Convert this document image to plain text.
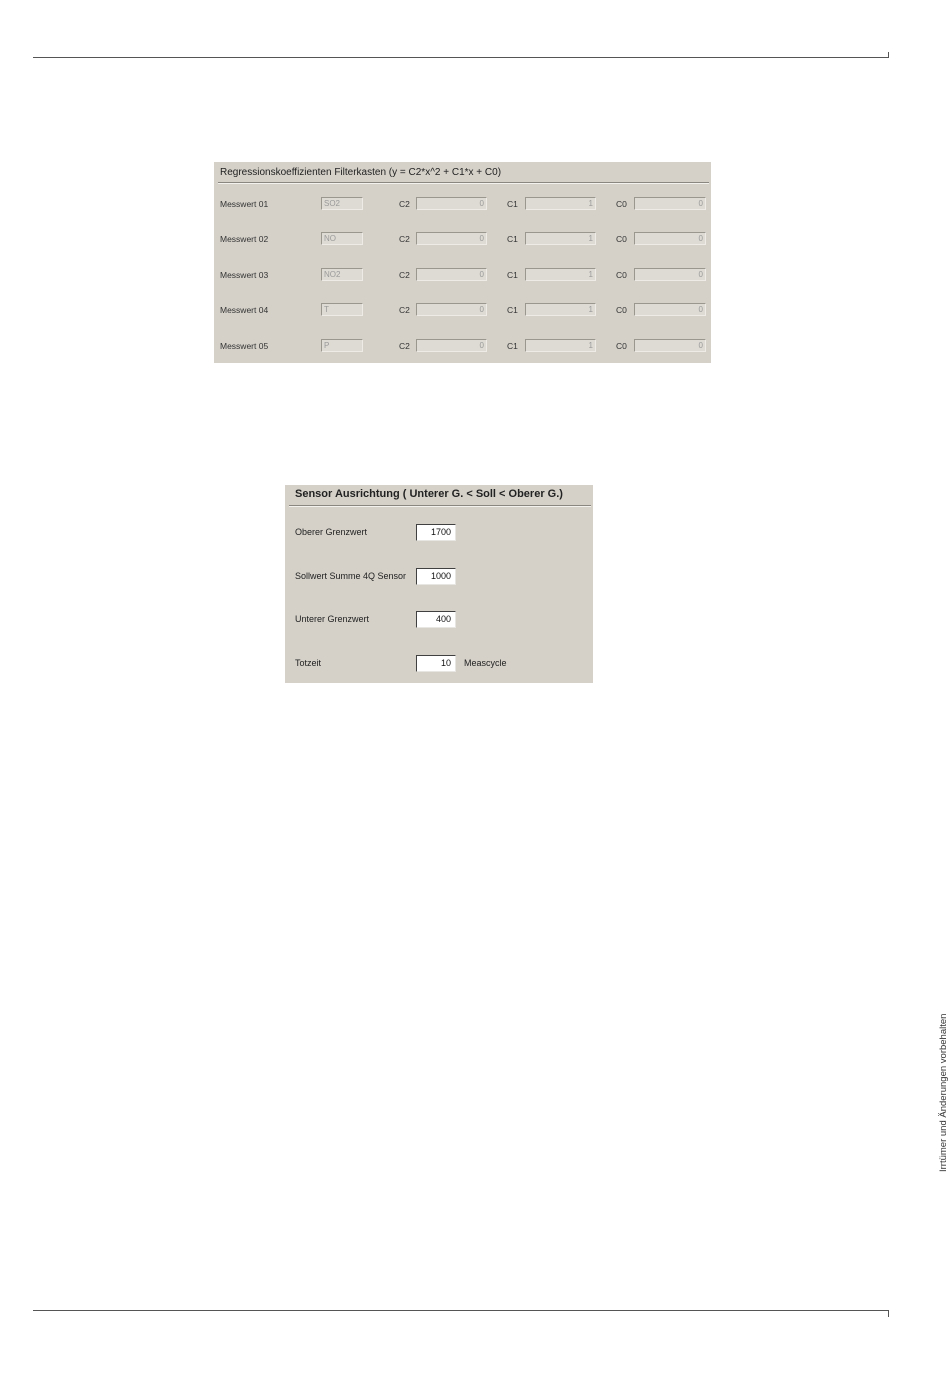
Regressionskoeffizienten Filterkasten (y = C2*x^2 + C1*x + C0)
Messwert 01	SO2	C2	0	C1	1	C0	0
Messwert 02	NO	C2	0	C1	1	C0	0
Messwert 03	NO2	C2	0	C1	1	C0	0
Messwert 04	T	C2	0	C1	1	C0	0
Messwert 05	P	C2	0	C1	1	C0	0
Sensor Ausrichtung ( Unterer G. < Soll < Oberer G.)
Oberer Grenzwert	1700
Sollwert Summe 4Q Sensor	1000
Unterer Grenzwert	400
Totzeit	10	Meascycle
Irrtümer und Änderungen vorbehalten
